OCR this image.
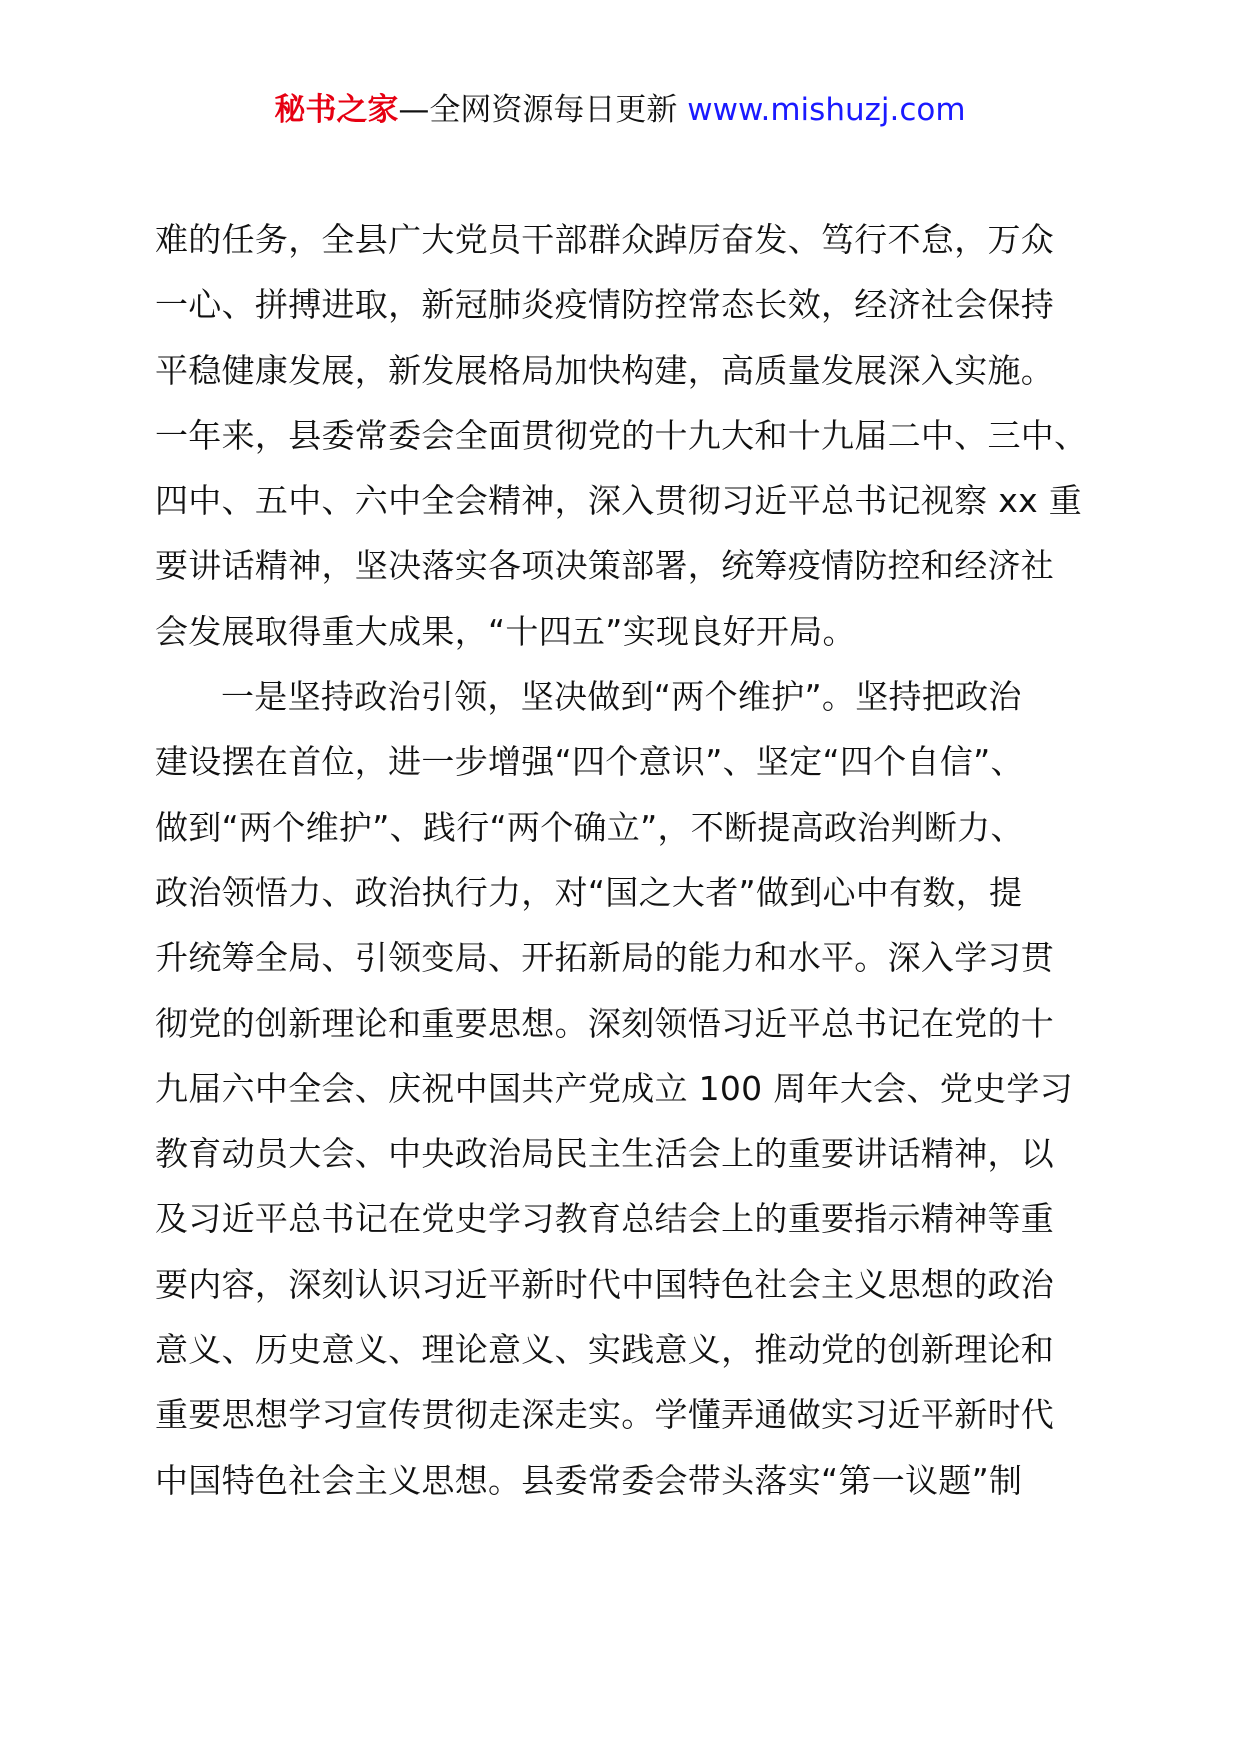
秘书之家—全网资源每日更新 www.mishuzj.com
难的任务，全县广大党员干部群众踔厉奋发、笃行不怠，万众
一心、拼搏进取，新冠肺炎疫情防控常态长效，经济社会保持
平稳健康发展，新发展格局加快构建，高质量发展深入实施。
一年来，县委常委会全面贯彻党的十九大和十九届二中、三中、
四中、五中、六中全会精神，深入贯彻习近平总书记视察 xx 重
要讲话精神，坚决落实各项决策部署，统筹疫情防控和经济社
会发展取得重大成果，“十四五”实现良好开局。
一是坚持政治引领，坚决做到“两个维护”。坚持把政治
建设摆在首位，进一步增强“四个意识”、坚定“四个自信”、
做到“两个维护”、践行“两个确立”，不断提高政治判断力、
政治领悟力、政治执行力，对“国之大者”做到心中有数，提
升统筹全局、引领变局、开拓新局的能力和水平。深入学习贯
彻党的创新理论和重要思想。深刻领悟习近平总书记在党的十
九届六中全会、庆祝中国共产党成立 100 周年大会、党史学习
教育动员大会、中央政治局民主生活会上的重要讲话精神，以
及习近平总书记在党史学习教育总结会上的重要指示精神等重
要内容，深刻认识习近平新时代中国特色社会主义思想的政治
意义、历史意义、理论意义、实践意义，推动党的创新理论和
重要思想学习宣传贯彻走深走实。学懂弄通做实习近平新时代
中国特色社会主义思想。县委常委会带头落实“第一议题”制
